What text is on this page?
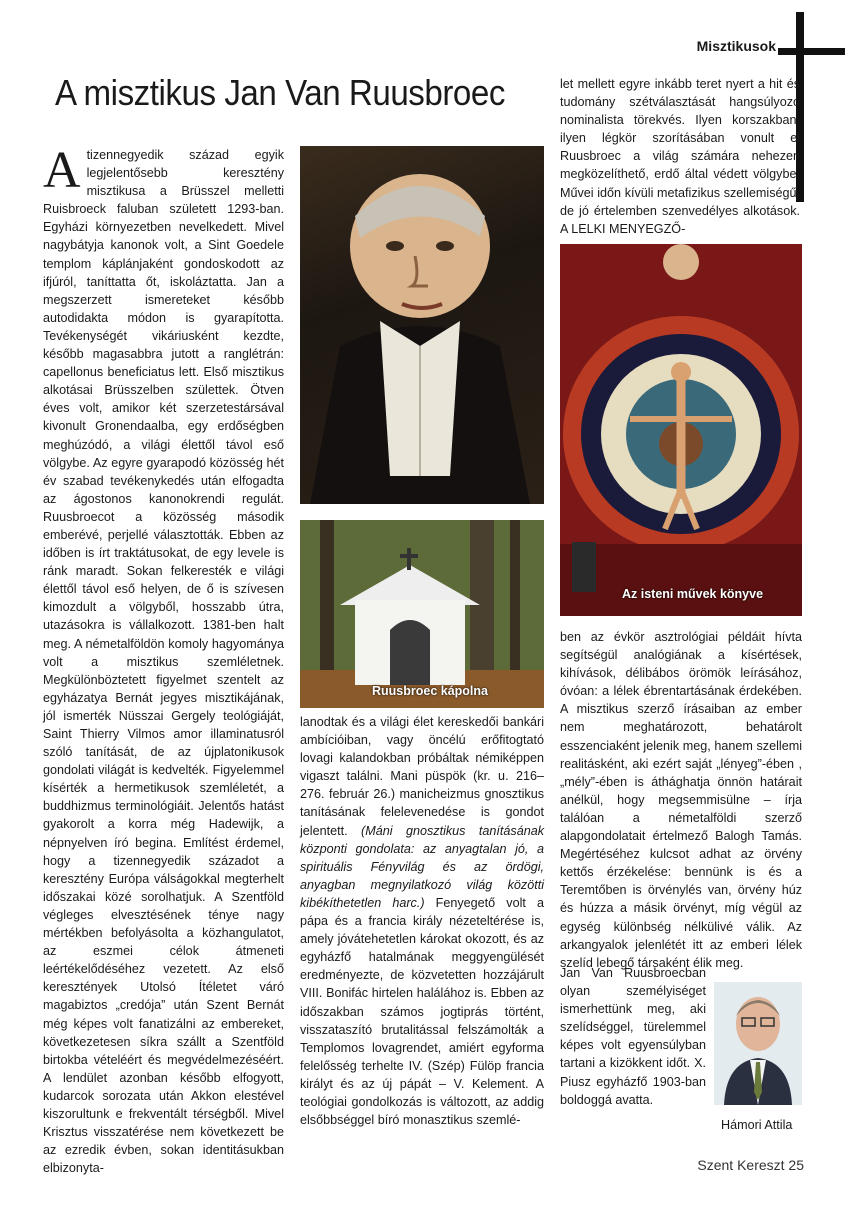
Misztikusok
A misztikus Jan Van Ruusbroec

Atizennegyedik század egyik legjelentősebb keresztény misztikusa a Brüsszel melletti Ruisbroeck faluban született 1293-ban. Egyházi környezetben nevelkedett. Mivel nagybátyja kanonok volt, a Sint Goedele templom káplánjaként gondoskodott az ifjúról, taníttatta őt, iskoláztatta. Jan a megszerzett ismereteket később autodidakta módon is gyarapította. Tevékenységét vikáriusként kezdte, később magasabbra jutott a ranglétrán: capellonus beneficiatus lett. Első misztikus alkotásai Brüsszelben születtek. Ötven éves volt, amikor két szerzetestársával kivonult Gronendaalba, egy erdőségben meghúzódó, a világi élettől távol eső völgybe. Az egyre gyarapodó közösség hét év szabad tevékenykedés után elfogadta az ágostonos kanonokrendi regulát. Ruusbroecot a közösség második emberévé, perjellé választották. Ebben az időben is írt traktátusokat, de egy levele is ránk maradt. Sokan felkeresték e világi élettől távol eső helyen, de ő is szívesen kimozdult a völgyből, hosszabb útra, utazásokra is vállalkozott. 1381-ben halt meg. A németalföldön komoly hagyománya volt a misztikus szemléletnek. Megkülönböztetett figyelmet szentelt az egyházatya Bernát jegyes misztikájának, jól ismerték Nüsszai Gergely teológiáját, Saint Thierry Vilmos amor illaminatusról szóló tanítását, de az újplatonikusok gondolati világát is kedvelték. Figyelemmel kísérték a hermetikusok szemléletét, a buddhizmus terminológiáit. Jelentős hatást gyakorolt a korra még Hadewijk, a népnyelven író begina. Említést érdemel, hogy a tizennegyedik századot a keresztény Európa válságokkal megterhelt időszakai közé sorolhatjuk. A Szentföld végleges elvesztésének ténye nagy mértékben befolyásolta a közhangulatot, az eszmei célok átmeneti leértékelődéséhez vezetett. Az első keresztények Utolsó Ítéletet váró magabiztos „credója” után Szent Bernát még képes volt fanatizálni az embereket, következetesen síkra szállt a Szentföld birtokba vételéért és megvédelmezéséért. A lendület azonban később elfogyott, kudarcok sorozata után Akkon elestével kiszorultunk e frekventált térségből. Mivel Krisztus visszatérése nem következett be az ezredik évben, sokan identitásukban elbizonyta-

Ruusbroec kápolna

lanodtak és a világi élet kereskedői bankári ambícióiban, vagy öncélú erőfitogtató lovagi kalandokban próbáltak némiképpen vigaszt találni. Mani püspök (kr. u. 216–276. február 26.) manicheizmus gnosztikus tanításának felelevenedése is gondot jelentett. (Máni gnosztikus tanításának központi gondolata: az anyagtalan jó, a spirituális Fényvilág és az ördögi, anyagban megnyilatkozó világ közötti kibékíthetetlen harc.) Fenyegető volt a pápa és a francia király nézeteltérése is, amely jóvátehetetlen károkat okozott, és az egyházfő hatalmának meggyengülését eredményezte, de közvetetten hozzájárult VIII. Bonifác hirtelen halálához is. Ebben az időszakban számos jogtiprás történt, visszataszító brutalitással felszámolták a Templomos lovagrendet, amiért egyforma felelősség terhelte IV. (Szép) Fülöp francia királyt és az új pápát – V. Kelement. A teológiai gondolkozás is változott, az addig elsőbbséggel bíró monasztikus szemlé-

let mellett egyre inkább teret nyert a hit és tudomány szétválasztását hangsúlyozó nominalista törekvés. Ilyen korszakban, ilyen légkör szorításában vonult el Ruusbroec a világ számára nehezen megközelíthető, erdő által védett völgybe. Művei időn kívüli metafizikus szellemiségű, de jó értelemben szenvedélyes alkotások. A LELKI MENYEGZŐ-

Az isteni művek könyve

ben az évkör asztrológiai példáit hívta segítségül analógiának a kísértések, kihívások, délibábos örömök leírásához, óvóan: a lélek ébrentartásának érdekében. A misztikus szerző írásaiban az ember nem meghatározott, behatárolt esszenciaként jelenik meg, hanem szellemi realitásként, aki ezért saját „lényeg”-ében , „mély”-ében is áthághatja önnön határait anélkül, hogy megsemmisülne – írja találóan a németalföldi szerző alapgondolatait értelmező Balogh Tamás. Megértéséhez kulcsot adhat az örvény kettős érzékelése: bennünk is és a Teremtőben is örvénylés van, örvény húz és húzza a másik örvényt, míg végül az egység különbség nélkülivé válik. Az arkangyalok jelenlétét itt az emberi lélek szelíd lebegő társaként élik meg.

Jan Van Ruusbroecban olyan személyiséget ismerhettünk meg, aki szelídséggel, türelemmel képes volt egyensúlyban tartani a kizökkent időt. X. Piusz egyházfő 1903-ban boldoggá avatta.

Hámori Attila
Szent Kereszt 25
